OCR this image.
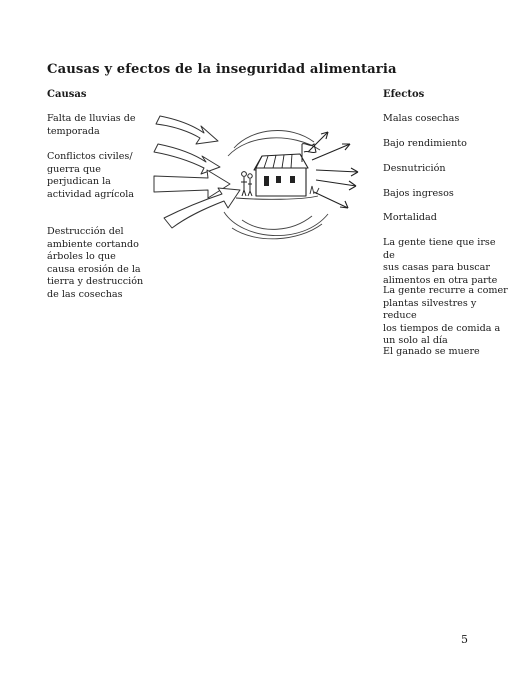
Causas y efectos de la inseguridad alimentaria
Causas	Efectos
Falta de lluvias de
temporada
Conflictos civiles/
guerra que
perjudican la
actividad agrícola
Destrucción del
ambiente cortando
árboles lo que
causa erosión de la
tierra y destrucción
de las cosechas
Malas cosechas
Bajo rendimiento
Desnutrición
Bajos ingresos
Mortalidad
La gente tiene que irse de
sus casas para buscar
alimentos en otra parte
La gente recurre a comer
plantas silvestres y reduce
los tiempos de comida a
un solo al día
El ganado se muere
5
